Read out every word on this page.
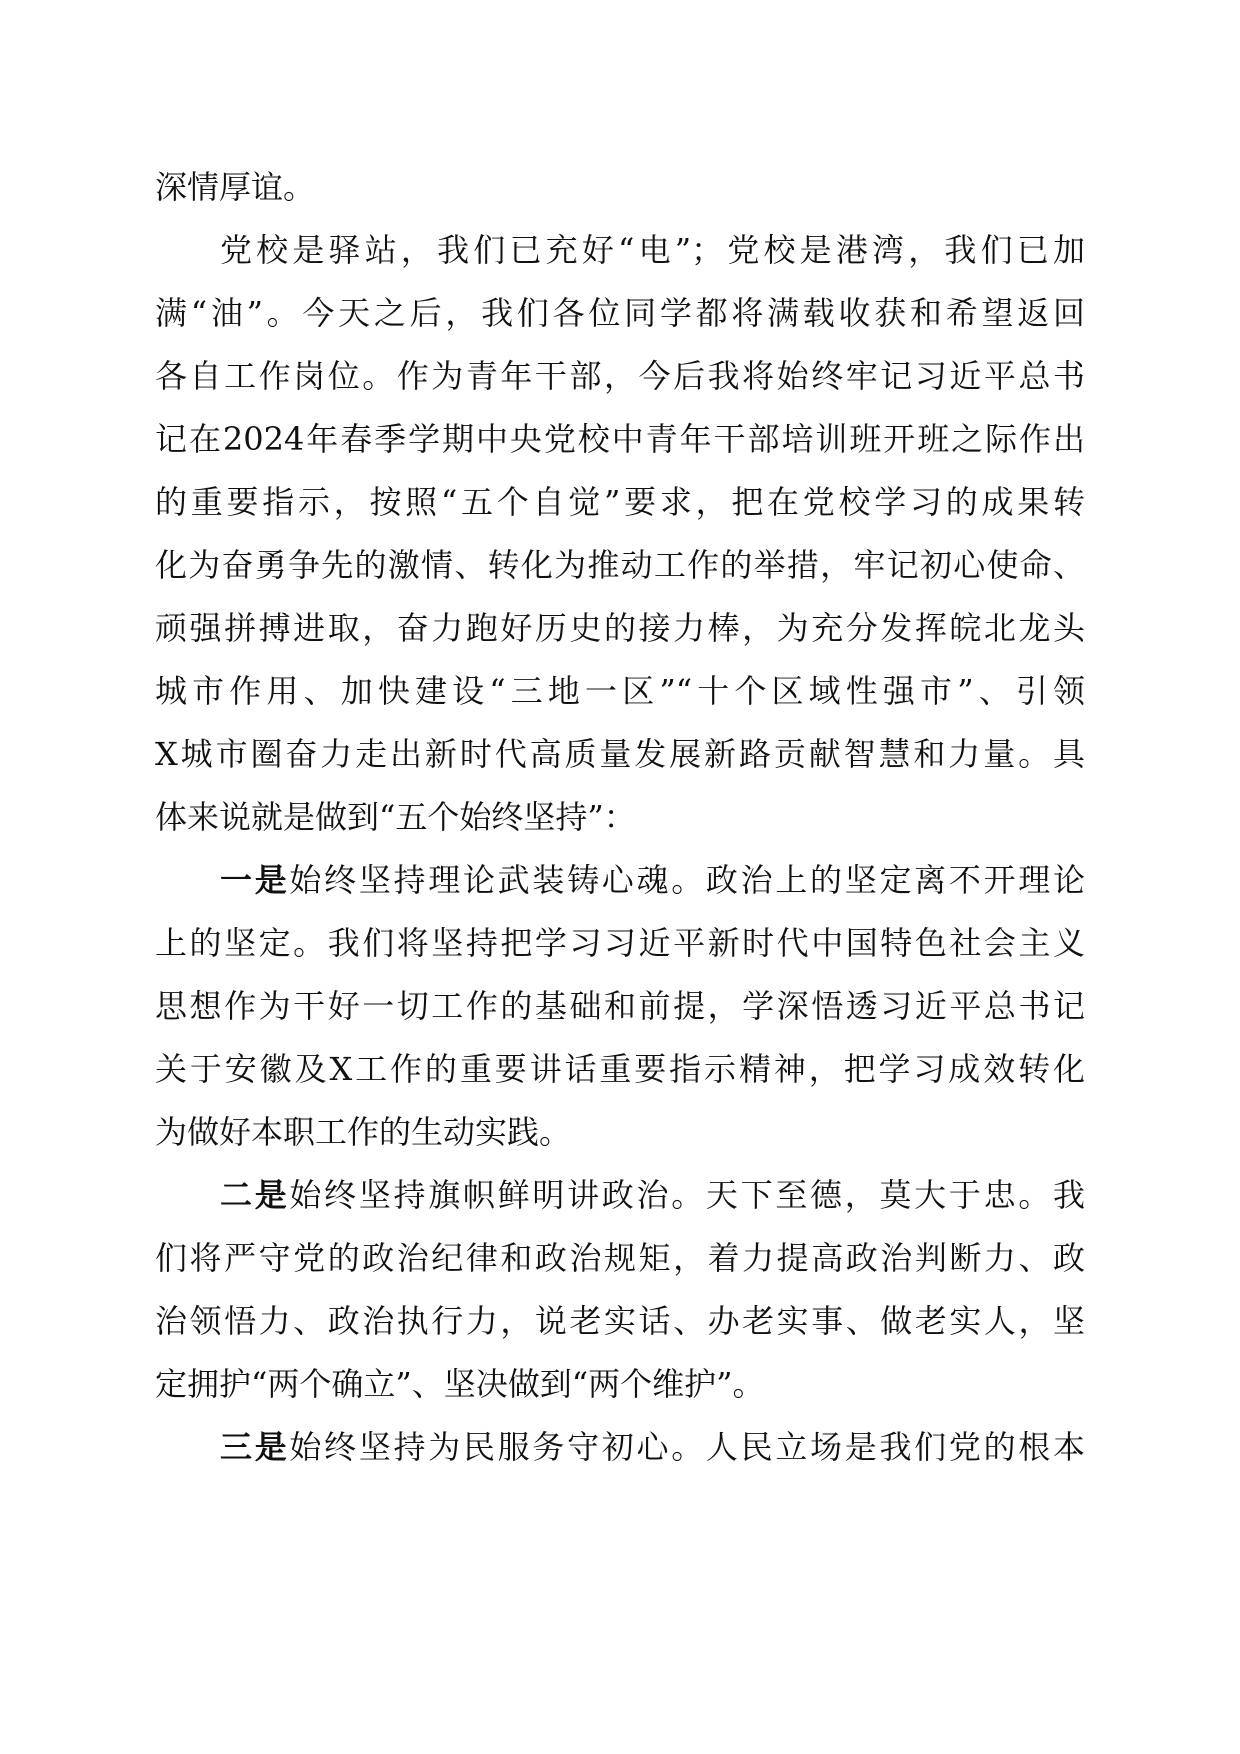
深情厚谊。
党校是驿站，我们已充好“电”；党校是港湾，我们已加
满“油”。今天之后，我们各位同学都将满载收获和希望返回
各自工作岗位。作为青年干部，今后我将始终牢记习近平总书
记在2024年春季学期中央党校中青年干部培训班开班之际作出
的重要指示，按照“五个自觉”要求，把在党校学习的成果转
化为奋勇争先的激情、转化为推动工作的举措，牢记初心使命、
顽强拼搏进取，奋力跑好历史的接力棒，为充分发挥皖北龙头
城市作用、加快建设“三地一区”“十个区域性强市”、引领
X城市圈奋力走出新时代高质量发展新路贡献智慧和力量。具
体来说就是做到“五个始终坚持”：
一是始终坚持理论武装铸心魂。政治上的坚定离不开理论
上的坚定。我们将坚持把学习习近平新时代中国特色社会主义
思想作为干好一切工作的基础和前提，学深悟透习近平总书记
关于安徽及X工作的重要讲话重要指示精神，把学习成效转化
为做好本职工作的生动实践。
二是始终坚持旗帜鲜明讲政治。天下至德，莫大于忠。我
们将严守党的政治纪律和政治规矩，着力提高政治判断力、政
治领悟力、政治执行力，说老实话、办老实事、做老实人，坚
定拥护“两个确立”、坚决做到“两个维护”。
三是始终坚持为民服务守初心。人民立场是我们党的根本
